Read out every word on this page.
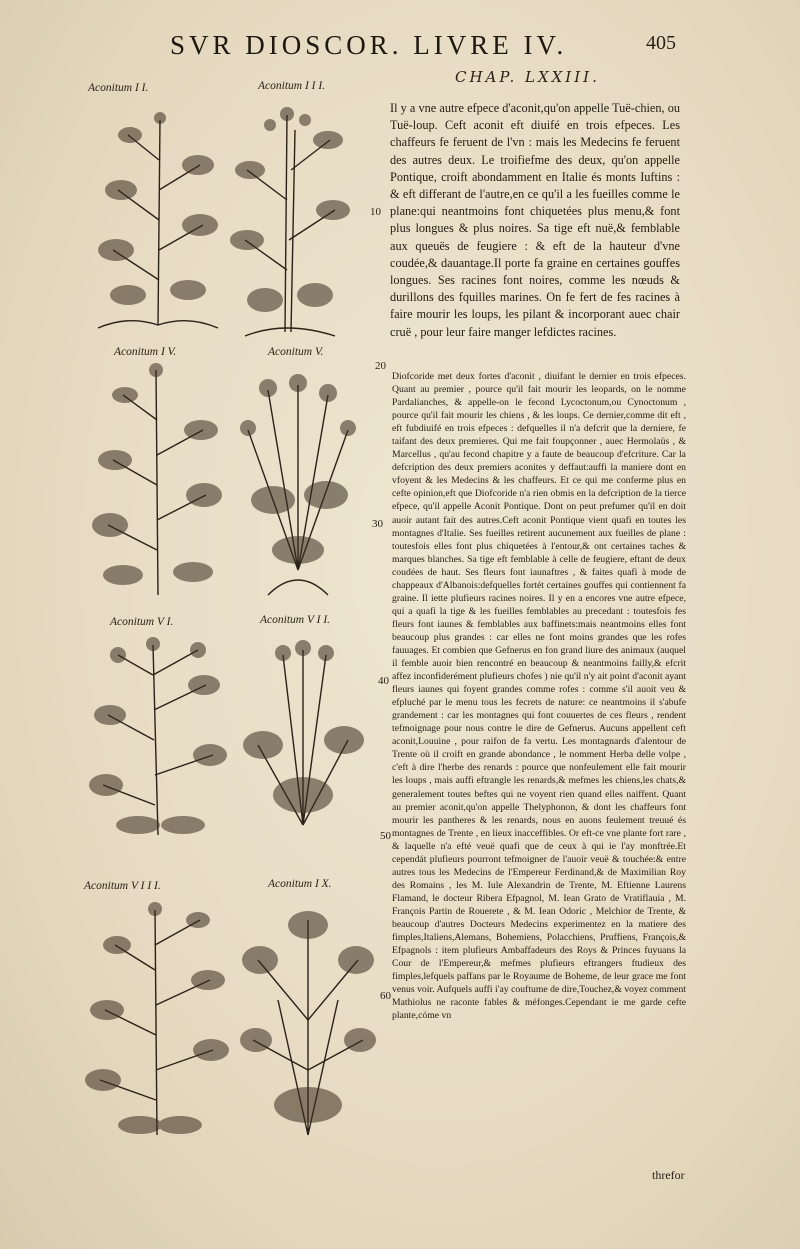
SVR DIOSCOR. LIVRE IV.	405
CHAP. LXXIII.
Aconitum I I.	Aconitum I I I.
Aconitum I V.	Aconitum V.
Aconitum V I.	Aconitum V I I.
Aconitum V I I I.	Aconitum I X.

Il y a vne autre efpece d'aconit,qu'on appelle Tuë-chien, ou Tuë-loup. Ceft aconit eft diuifé en trois efpeces. Les chaffeurs fe feruent de l'vn : mais les Medecins fe feruent des autres deux. Le troifiefme des deux, qu'on appelle Pontique, croift abondamment en Italie és monts Iuftins : & eft differant de l'autre,en ce qu'il a les fueilles comme le plane:qui neantmoins font chiquetées plus menu,& font plus longues & plus noires. Sa tige eft nuë,& femblable aux queuës de feugiere : & eft de la hauteur d'vne coudée,& dauantage.Il porte fa graine en certaines gouffes longues. Ses racines font noires, comme les nœuds & durillons des fquilles marines. On fe fert de fes racines à faire mourir les loups, les pilant & incorporant auec chair cruë , pour leur faire manger lefdictes racines.

Diofcoride met deux fortes d'aconit , diuifant le dernier en trois efpeces. Quant au premier , pource qu'il fait mourir les leopards, on le nomme Pardalianches, & appelle-on le fecond Lycoctonum,ou Cynoctonum , pource qu'il fait mourir les chiens , & les loups. Ce dernier,comme dit eft , eft fubdiuifé en trois efpeces : defquelles il n'a defcrit que la derniere, fe taifant des deux premieres. Qui me fait foupçonner , auec Hermolaüs , & Marcellus , qu'au fecond chapitre y a faute de beaucoup d'efcriture. Car la defcription des deux premiers aconites y deffaut:auffi la maniere dont en vfoyent & les Medecins & les chaffeurs. Et ce qui me conferme plus en cefte opinion,eft que Diofcoride n'a rien obmis en la defcription de la tierce efpece, qu'il appelle Aconit Pontique. Dont on peut prefumer qu'il en doit auoir autant fait des autres.Ceft aconit Pontique vient quafi en toutes les montagnes d'Italie. Ses fueilles retirent aucunement aux fueilles de plane : toutesfois elles font plus chiquetées à l'entour,& ont certaines taches & marques blanches. Sa tige eft femblable à celle de feugiere, eftant de deux coudées de haut. Ses fleurs font iaunaftres , & faites quafi à mode de chappeaux d'Albanois:defquelles fortét certaines gouffes qui contiennent fa graine. Il iette plufieurs racines noires. Il y en a encores vne autre efpece, qui a quafi la tige & les fueilles femblables au precedant : toutesfois fes fleurs font iaunes & femblables aux baffinets:mais neantmoins elles font beaucoup plus grandes : car elles ne font moins grandes que les rofes fauuages. Et combien que Gefnerus en fon grand liure des animaux (auquel il femble auoir bien rencontré en beaucoup & neantmoins failly,& efcrit affez inconfiderément plufieurs chofes ) nie qu'il n'y ait point d'aconit ayant fleurs iaunes qui foyent grandes comme rofes : comme s'il auoit veu & efpluché par le menu tous les fecrets de nature: ce neantmoins il s'abufe grandement : car les montagnes qui font couuertes de ces fleurs , rendent tefmoignage pour nous contre le dire de Gefnerus. Aucuns appellent ceft aconit,Louuine , pour raifon de fa vertu. Les montagnards d'alentour de Trente où il croift en grande abondance , le nomment Herba delle volpe , c'eft à dire l'herbe des renards : pource que nonfeulement elle fait mourir les loups , mais auffi eftrangle les renards,& mefmes les chiens,les chats,& generalement toutes beftes qui ne voyent rien quand elles naiffent. Quant au premier aconit,qu'on appelle Thelyphonon, & dont les chaffeurs font mourir les pantheres & les renards, nous en auons feulement treuué és montagnes de Trente , en lieux inacceffibles. Or eft-ce vne plante fort rare , & laquelle n'a efté veuë quafi que de ceux à qui ie l'ay monftrée.Et cependát plufieurs pourront tefmoigner de l'auoir veuë & touchée:& entre autres tous les Medecins de l'Empereur Ferdinand,& de Maximilian Roy des Romains , les M. Iule Alexandrin de Trente, M. Eftienne Laurens Flamand, le docteur Ribera Efpagnol, M. Iean Grato de Vratiflauia , M. François Partin de Rouerete , & M. Iean Odoric , Melchior de Trente, & beaucoup d'autres Docteurs Medecins experimentez en la matiere des fimples,Italiens,Alemans, Bohemiens, Polacchiens, Pruffiens, François,& Efpagnols : item plufieurs Ambaffadeurs des Roys & Princes fuyuans la Cour de l'Empereur,& mefmes plufieurs eftrangers ftudieux des fimples,lefquels paffans par le Royaume de Boheme, de leur grace me font venus voir. Aufquels auffi i'ay couftume de dire,Touchez,& voyez comment Mathiolus ne raconte fables & méfonges.Cependant ie me garde cefte plante,cóme vn

10
20
30
40
50
60
threfor
